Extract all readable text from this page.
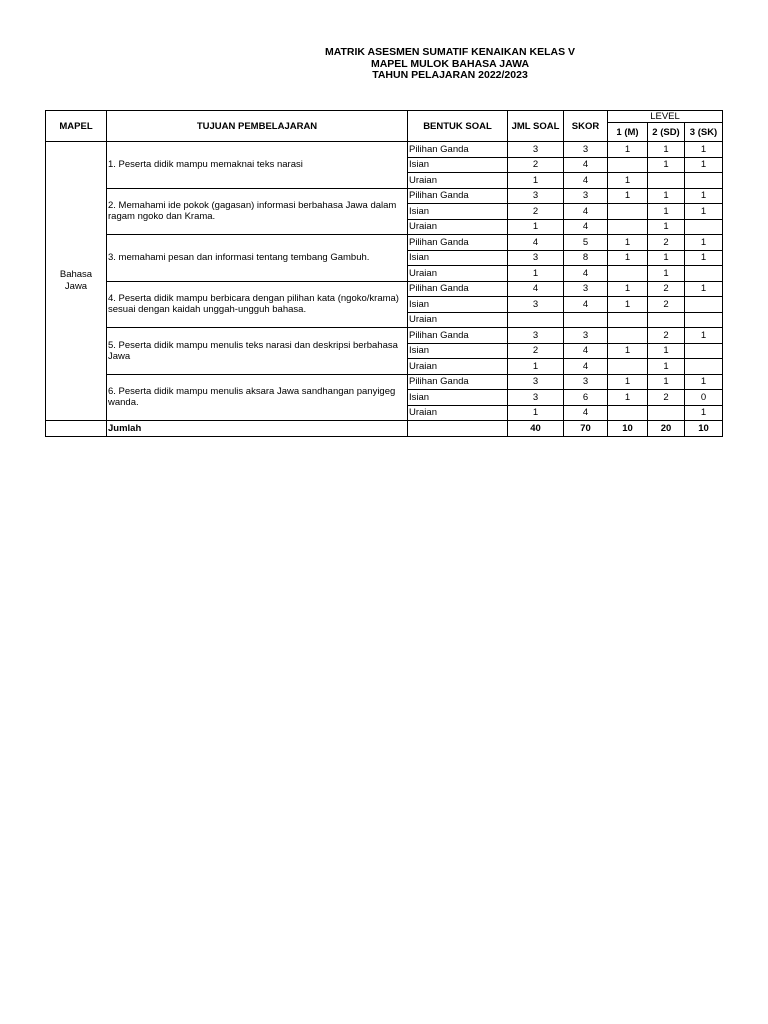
MATRIK ASESMEN SUMATIF KENAIKAN KELAS V
MAPEL MULOK BAHASA JAWA
TAHUN PELAJARAN 2022/2023
MAPEL	TUJUAN PEMBELAJARAN	BENTUK SOAL	JML SOAL	SKOR	LEVEL		
					1 (M)	2 (SD)	3 (SK)

Bahasa
Jawa	1. Peserta didik mampu memaknai teks narasi	Pilihan Ganda	3	3	1	1	1
		Isian	2	4		1	1
		Uraian	1	4	1		
	2. Memahami ide pokok (gagasan) informasi berbahasa Jawa dalam ragam ngoko dan Krama.	Pilihan Ganda	3	3	1	1	1
		Isian	2	4		1	1
		Uraian	1	4		1	
	3. memahami pesan dan informasi tentang tembang Gambuh.	Pilihan Ganda	4	5	1	2	1
		Isian	3	8	1	1	1
		Uraian	1	4		1	
	4. Peserta didik mampu berbicara dengan pilihan kata (ngoko/krama) sesuai dengan kaidah unggah-ungguh bahasa.	Pilihan Ganda	4	3	1	2	1
		Isian	3	4	1	2	
		Uraian					
	5. Peserta didik mampu menulis teks narasi dan deskripsi berbahasa Jawa	Pilihan Ganda	3	3		2	1
		Isian	2	4	1	1	
		Uraian	1	4		1	
	6. Peserta didik mampu menulis aksara Jawa sandhangan panyigeg wanda.	Pilihan Ganda	3	3	1	1	1
		Isian	3	6	1	2	0
		Uraian	1	4			1
	Jumlah		40	70	10	20	10
